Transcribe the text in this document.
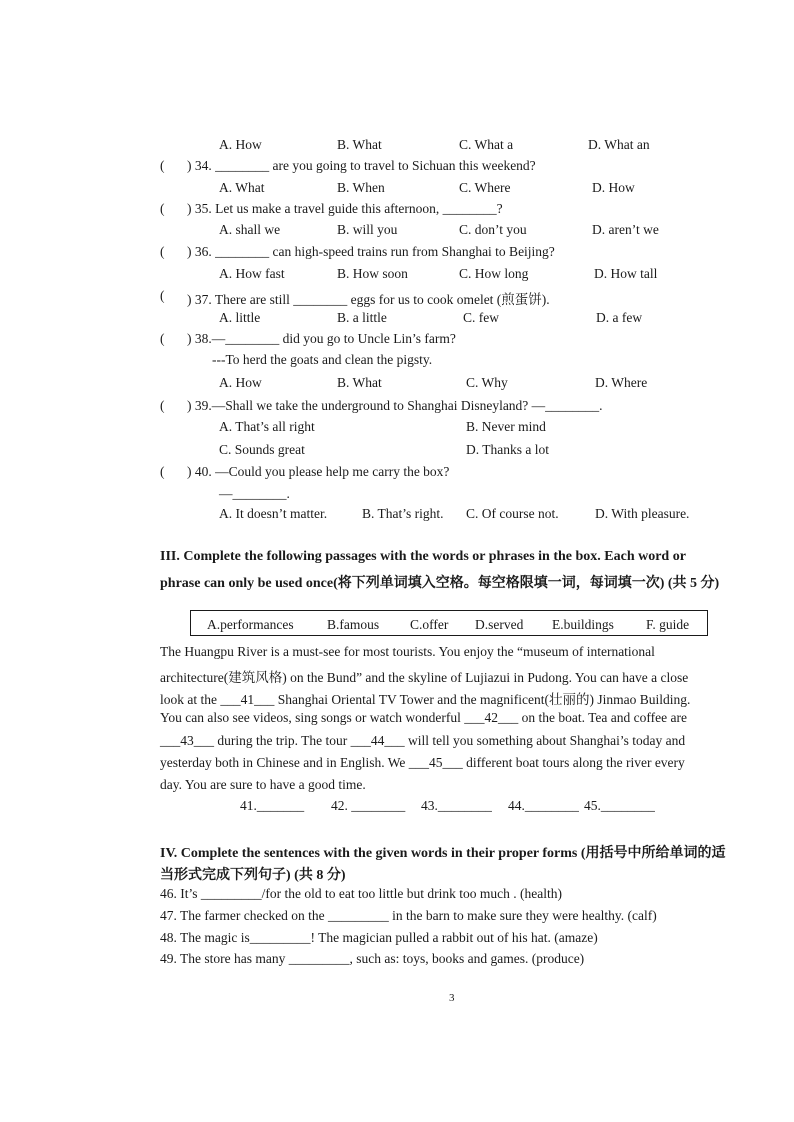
A. How	B. What	C. What a	D. What an
( ) 34. ________ are you going to travel to Sichuan this weekend?
A. What	B. When	C. Where	D. How
( ) 35. Let us make a travel guide this afternoon, ________?
A. shall we	B. will you	C. don’t you	D. aren’t we
( ) 36. ________ can high-speed trains run from Shanghai to Beijing?
A. How fast	B. How soon	C. How long	D. How tall
( ) 37. There are still ________ eggs for us to cook omelet (煎蛋饼).
A. little	B. a little	C. few	D. a few
( ) 38.—________ did you go to Uncle Lin’s farm?
---To herd the goats and clean the pigsty.
A. How	B. What	C. Why	D. Where
( ) 39.—Shall we take the underground to Shanghai Disneyland? —________.
A. That’s all right	B. Never mind
C. Sounds great	D. Thanks a lot
( ) 40. —Could you please help me carry the box?
—________.
A. It doesn’t matter.	B. That’s right. C. Of course not.	D. With pleasure.
III. Complete the following passages with the words or phrases in the box. Each word or
phrase can only be used once(将下列单词填入空格。每空格限填一词，每词填一次) (共 5 分)
A.performances B.famous C.offer D.served E.buildings F. guide
The Huangpu River is a must-see for most tourists. You enjoy the “museum of international
architecture(建筑风格) on the Bund” and the skyline of Lujiazui in Pudong. You can have a close
look at the ___41___ Shanghai Oriental TV Tower and the magnificent(壮丽的) Jinmao Building.
You can also see videos, sing songs or watch wonderful ___42___ on the boat. Tea and coffee are
___43___ during the trip. The tour ___44___ will tell you something about Shanghai’s today and
yesterday both in Chinese and in English. We ___45___ different boat tours along the river every
day. You are sure to have a good time.
41._______ 42. ________ 43.________ 44.________ 45.________
IV. Complete the sentences with the given words in their proper forms (用括号中所给单词的适
当形式完成下列句子) (共 8 分)
46. It’s _________/for the old to eat too little but drink too much . (health)
47. The farmer checked on the _________ in the barn to make sure they were healthy. (calf)
48. The magic is_________! The magician pulled a rabbit out of his hat. (amaze)
49. The store has many _________, such as: toys, books and games. (produce)
3
